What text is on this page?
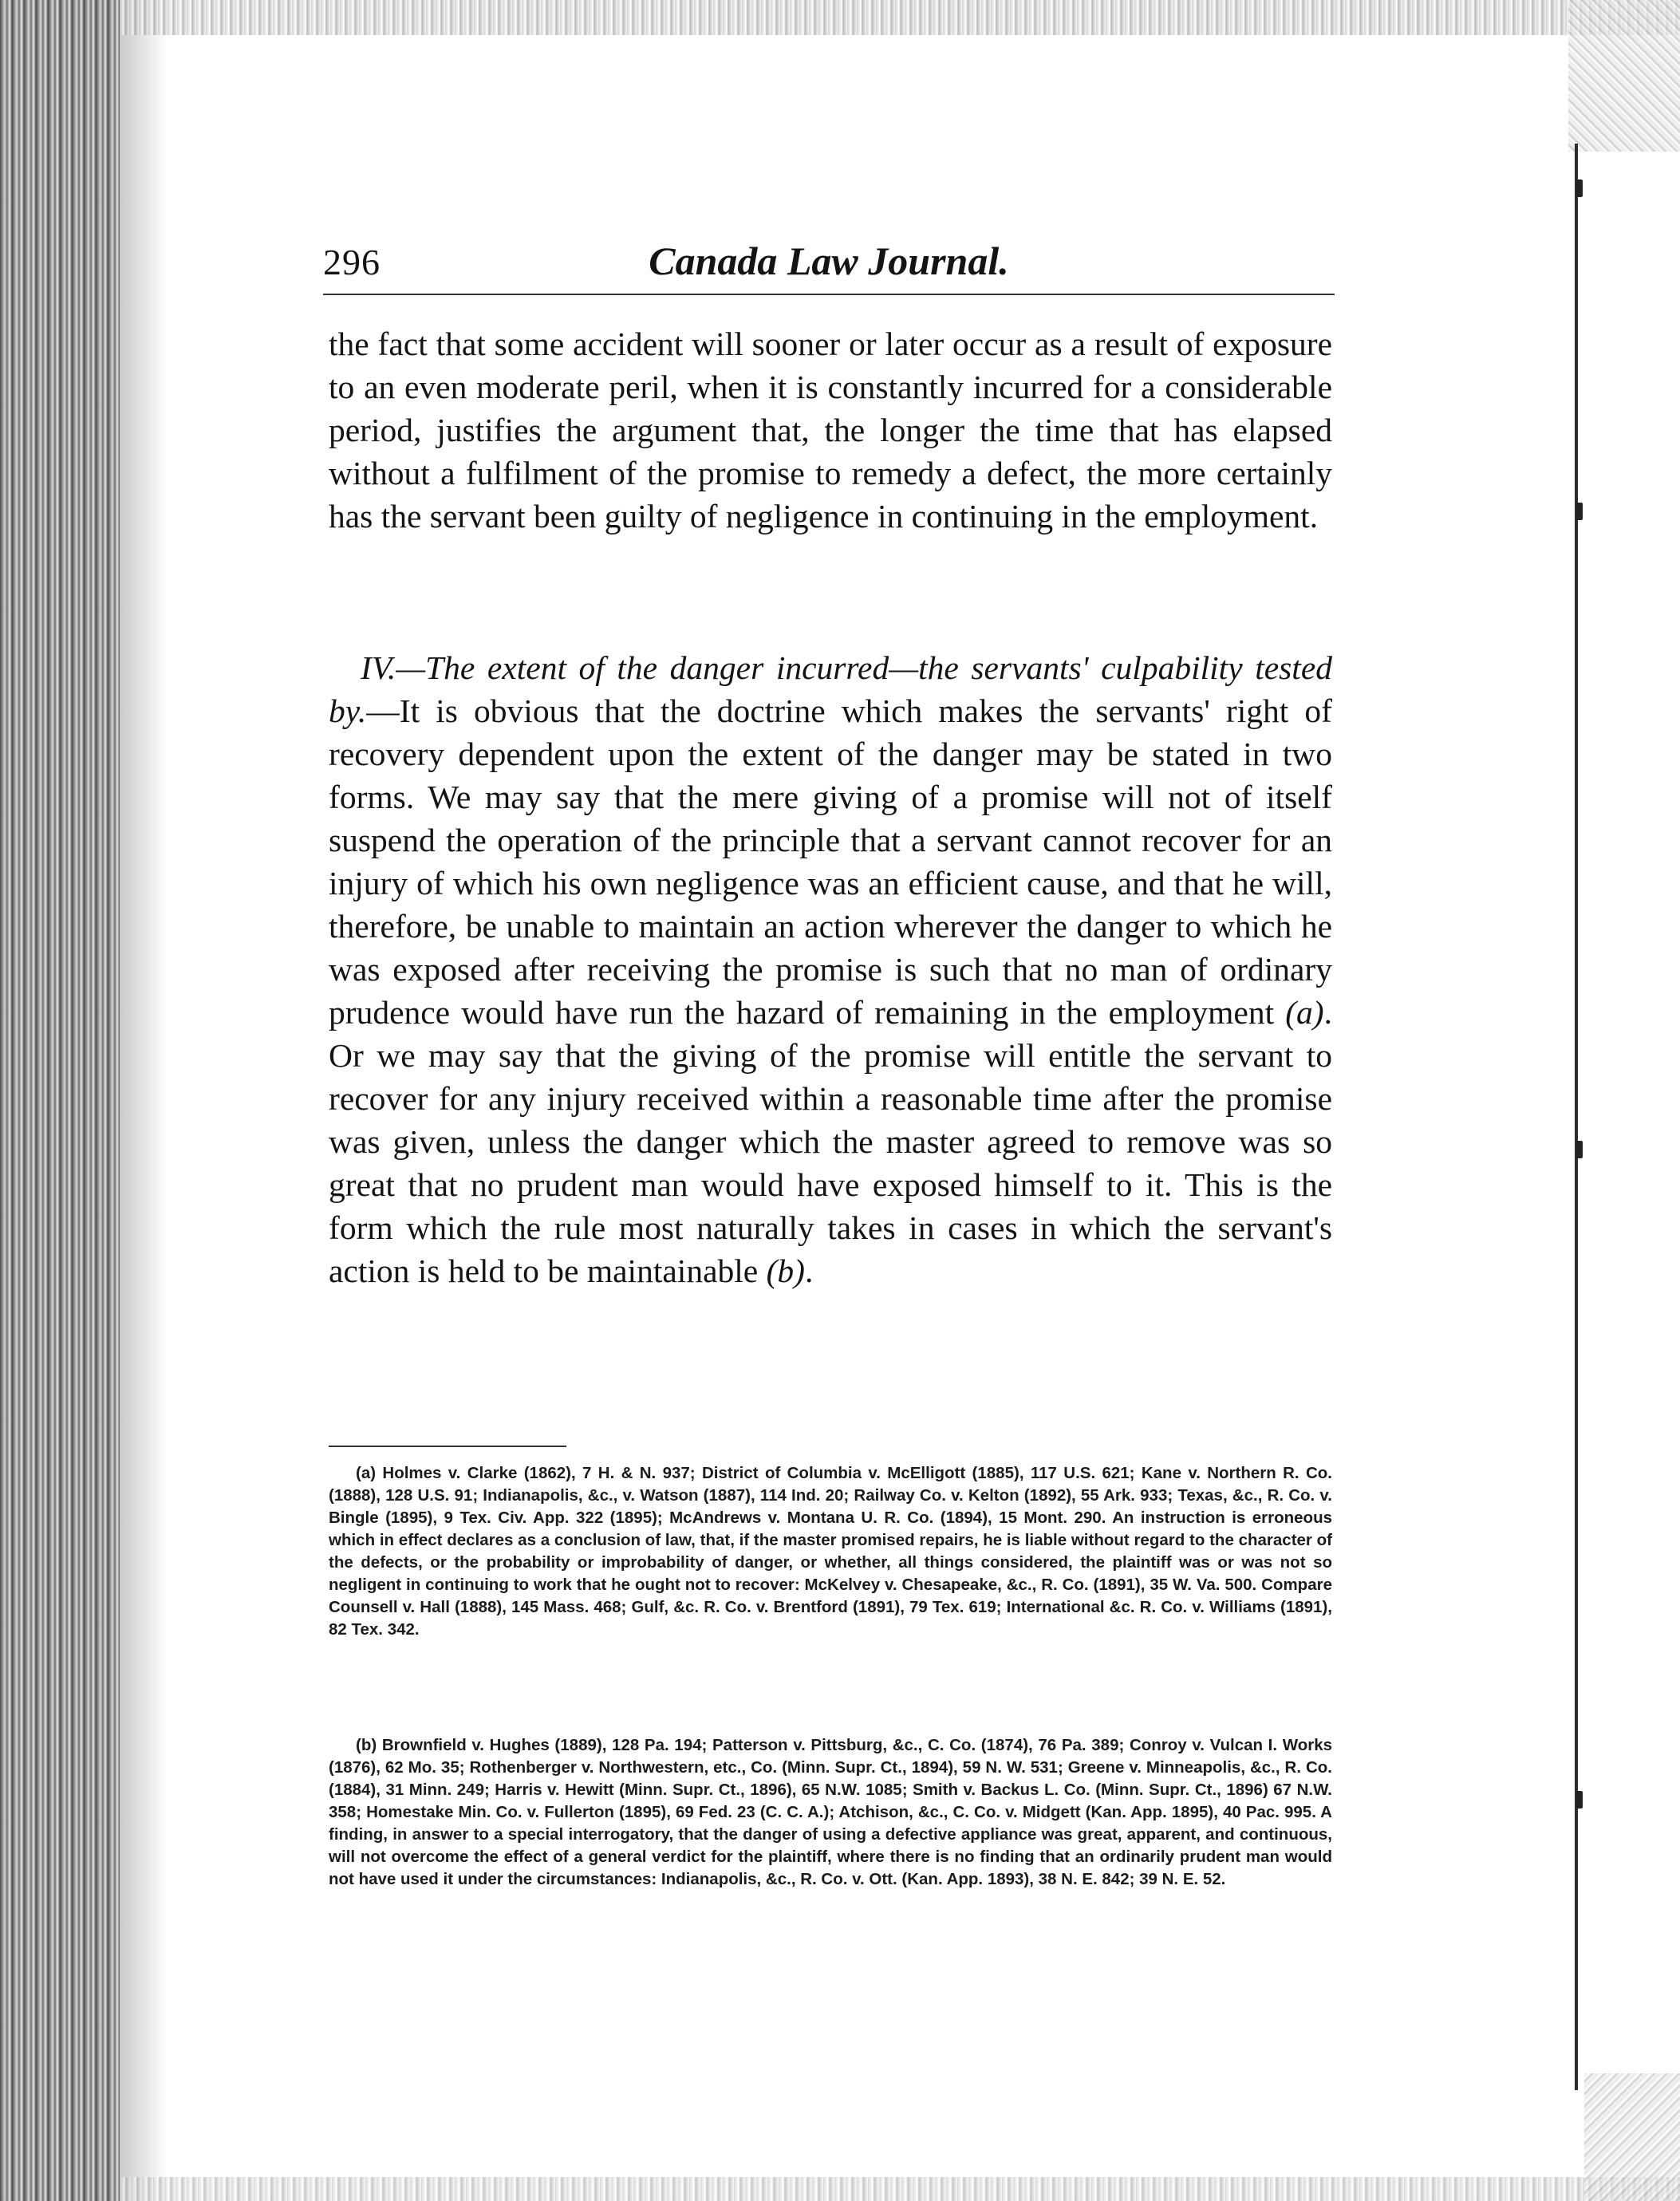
296	Canada Law Journal.

the fact that some accident will sooner or later occur as a result of exposure to an even moderate peril, when it is constantly incurred for a considerable period, justifies the argument that, the longer the time that has elapsed without a fulfilment of the promise to remedy a defect, the more certainly has the servant been guilty of negligence in continuing in the employment.

IV.—The extent of the danger incurred—the servants' culpability tested by.—It is obvious that the doctrine which makes the servants' right of recovery dependent upon the extent of the danger may be stated in two forms. We may say that the mere giving of a promise will not of itself suspend the operation of the principle that a servant cannot recover for an injury of which his own negligence was an efficient cause, and that he will, therefore, be unable to maintain an action wherever the danger to which he was exposed after receiving the promise is such that no man of ordinary prudence would have run the hazard of remaining in the employment (a). Or we may say that the giving of the promise will entitle the servant to recover for any injury received within a reasonable time after the promise was given, unless the danger which the master agreed to remove was so great that no prudent man would have exposed himself to it. This is the form which the rule most naturally takes in cases in which the servant's action is held to be maintainable (b).

(a) Holmes v. Clarke (1862), 7 H. & N. 937; District of Columbia v. McElligott (1885), 117 U.S. 621; Kane v. Northern R. Co. (1888), 128 U.S. 91; Indianapolis, &c., v. Watson (1887), 114 Ind. 20; Railway Co. v. Kelton (1892), 55 Ark. 933; Texas, &c., R. Co. v. Bingle (1895), 9 Tex. Civ. App. 322 (1895); McAndrews v. Montana U. R. Co. (1894), 15 Mont. 290. An instruction is erroneous which in effect declares as a conclusion of law, that, if the master promised repairs, he is liable without regard to the character of the defects, or the probability or improbability of danger, or whether, all things considered, the plaintiff was or was not so negligent in continuing to work that he ought not to recover: McKelvey v. Chesapeake, &c., R. Co. (1891), 35 W. Va. 500. Compare Counsell v. Hall (1888), 145 Mass. 468; Gulf, &c. R. Co. v. Brentford (1891), 79 Tex. 619; International &c. R. Co. v. Williams (1891), 82 Tex. 342.

(b) Brownfield v. Hughes (1889), 128 Pa. 194; Patterson v. Pittsburg, &c., C. Co. (1874), 76 Pa. 389; Conroy v. Vulcan I. Works (1876), 62 Mo. 35; Rothenberger v. Northwestern, etc., Co. (Minn. Supr. Ct., 1894), 59 N. W. 531; Greene v. Minneapolis, &c., R. Co. (1884), 31 Minn. 249; Harris v. Hewitt (Minn. Supr. Ct., 1896), 65 N.W. 1085; Smith v. Backus L. Co. (Minn. Supr. Ct., 1896) 67 N.W. 358; Homestake Min. Co. v. Fullerton (1895), 69 Fed. 23 (C. C. A.); Atchison, &c., C. Co. v. Midgett (Kan. App. 1895), 40 Pac. 995. A finding, in answer to a special interrogatory, that the danger of using a defective appliance was great, apparent, and continuous, will not overcome the effect of a general verdict for the plaintiff, where there is no finding that an ordinarily prudent man would not have used it under the circumstances: Indianapolis, &c., R. Co. v. Ott. (Kan. App. 1893), 38 N. E. 842; 39 N. E. 52.
